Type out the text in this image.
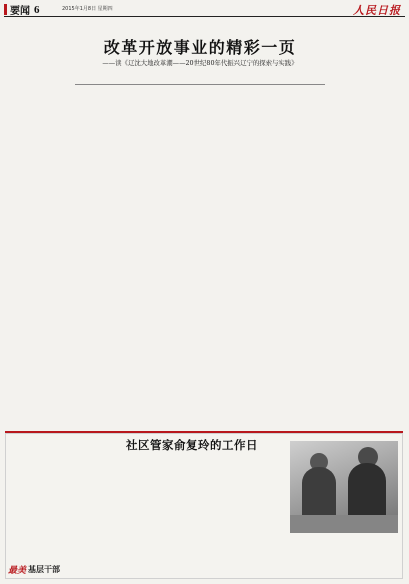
要闻 6	2015年1月8日 星期四	人民日报
改革开放事业的精彩一页
——读《辽沈大地改革潮——20世纪80年代振兴辽宁的探索与实践》
社区管家俞复玲的工作日
最美 基层干部
